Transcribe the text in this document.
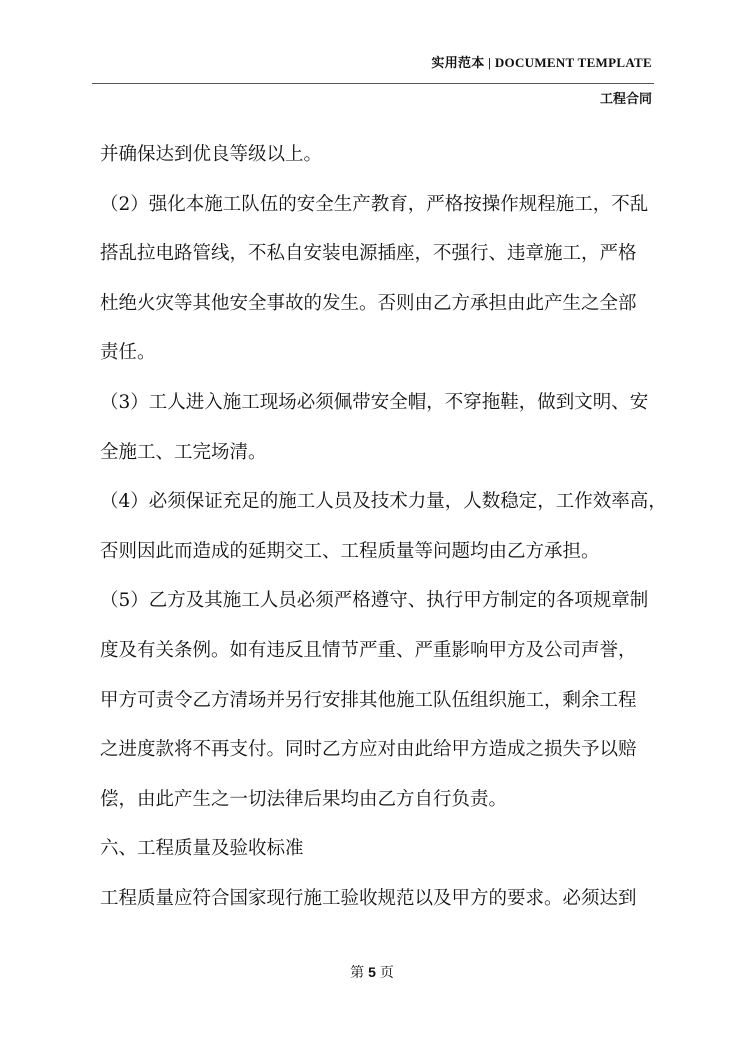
实用范本 | DOCUMENT TEMPLATE
工程合同

并确保达到优良等级以上。

（2）强化本施工队伍的安全生产教育，严格按操作规程施工，不乱

搭乱拉电路管线，不私自安装电源插座，不强行、违章施工，严格

杜绝火灾等其他安全事故的发生。否则由乙方承担由此产生之全部

责任。

（3）工人进入施工现场必须佩带安全帽，不穿拖鞋，做到文明、安

全施工、工完场清。

（4）必须保证充足的施工人员及技术力量，人数稳定，工作效率高，

否则因此而造成的延期交工、工程质量等问题均由乙方承担。

（5）乙方及其施工人员必须严格遵守、执行甲方制定的各项规章制

度及有关条例。如有违反且情节严重、严重影响甲方及公司声誉，

甲方可责令乙方清场并另行安排其他施工队伍组织施工，剩余工程

之进度款将不再支付。同时乙方应对由此给甲方造成之损失予以赔

偿，由此产生之一切法律后果均由乙方自行负责。

六、工程质量及验收标准

工程质量应符合国家现行施工验收规范以及甲方的要求。必须达到

第 5 页
